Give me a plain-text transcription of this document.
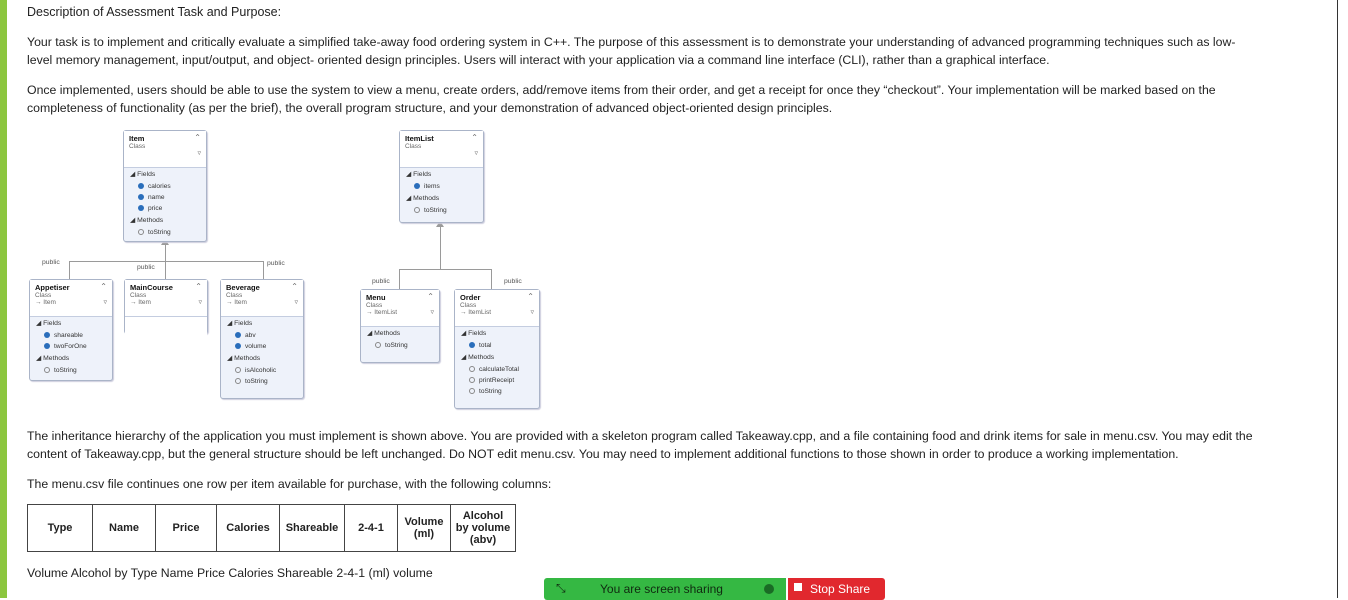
Description of Assessment Task and Purpose:
Your task is to implement and critically evaluate a simplified take-away food ordering system in C++. The purpose of this assessment is to demonstrate your understanding of advanced programming techniques such as low-
level memory management, input/output, and object- oriented design principles. Users will interact with your application via a command line interface (CLI), rather than a graphical interface.
Once implemented, users should be able to use the system to view a menu, create orders, add/remove items from their order, and get a receipt for once they “checkout”. Your implementation will be marked based on the
completeness of functionality (as per the brief), the overall program structure, and your demonstration of advanced object-oriented design principles.
public
public
public
public	public
Item
Class
⌃
▿
◢ Fields
calories
name
price
◢ Methods
toString
ItemList
Class
⌃
▿
◢ Fields
items
◢ Methods
toString
Appetiser
Class
→ Item
⌃
▿
◢ Fields
shareable
twoForOne
◢ Methods
toString
MainCourse
Class
→ Item
⌃
▿
Beverage
Class
→ Item
⌃
▿
◢ Fields
abv
volume
◢ Methods
isAlcoholic
toString
Menu
Class
→ ItemList
⌃
▿
◢ Methods
toString
Order
Class
→ ItemList
⌃
▿
◢ Fields
total
◢ Methods
calculateTotal
printReceipt
toString
The inheritance hierarchy of the application you must implement is shown above. You are provided with a skeleton program called Takeaway.cpp, and a file containing food and drink items for sale in menu.csv. You may edit the
content of Takeaway.cpp, but the general structure should be left unchanged. Do NOT edit menu.csv. You may need to implement additional functions to those shown in order to produce a working implementation.
The menu.csv file continues one row per item available for purchase, with the following columns:
Type	Name	Price	Calories	Shareable	2-4-1	Volume (ml)	Alcohol by volume (abv)
Volume Alcohol by Type Name Price Calories Shareable 2-4-1 (ml) volume
⤡	You are screen sharing	Stop Share
